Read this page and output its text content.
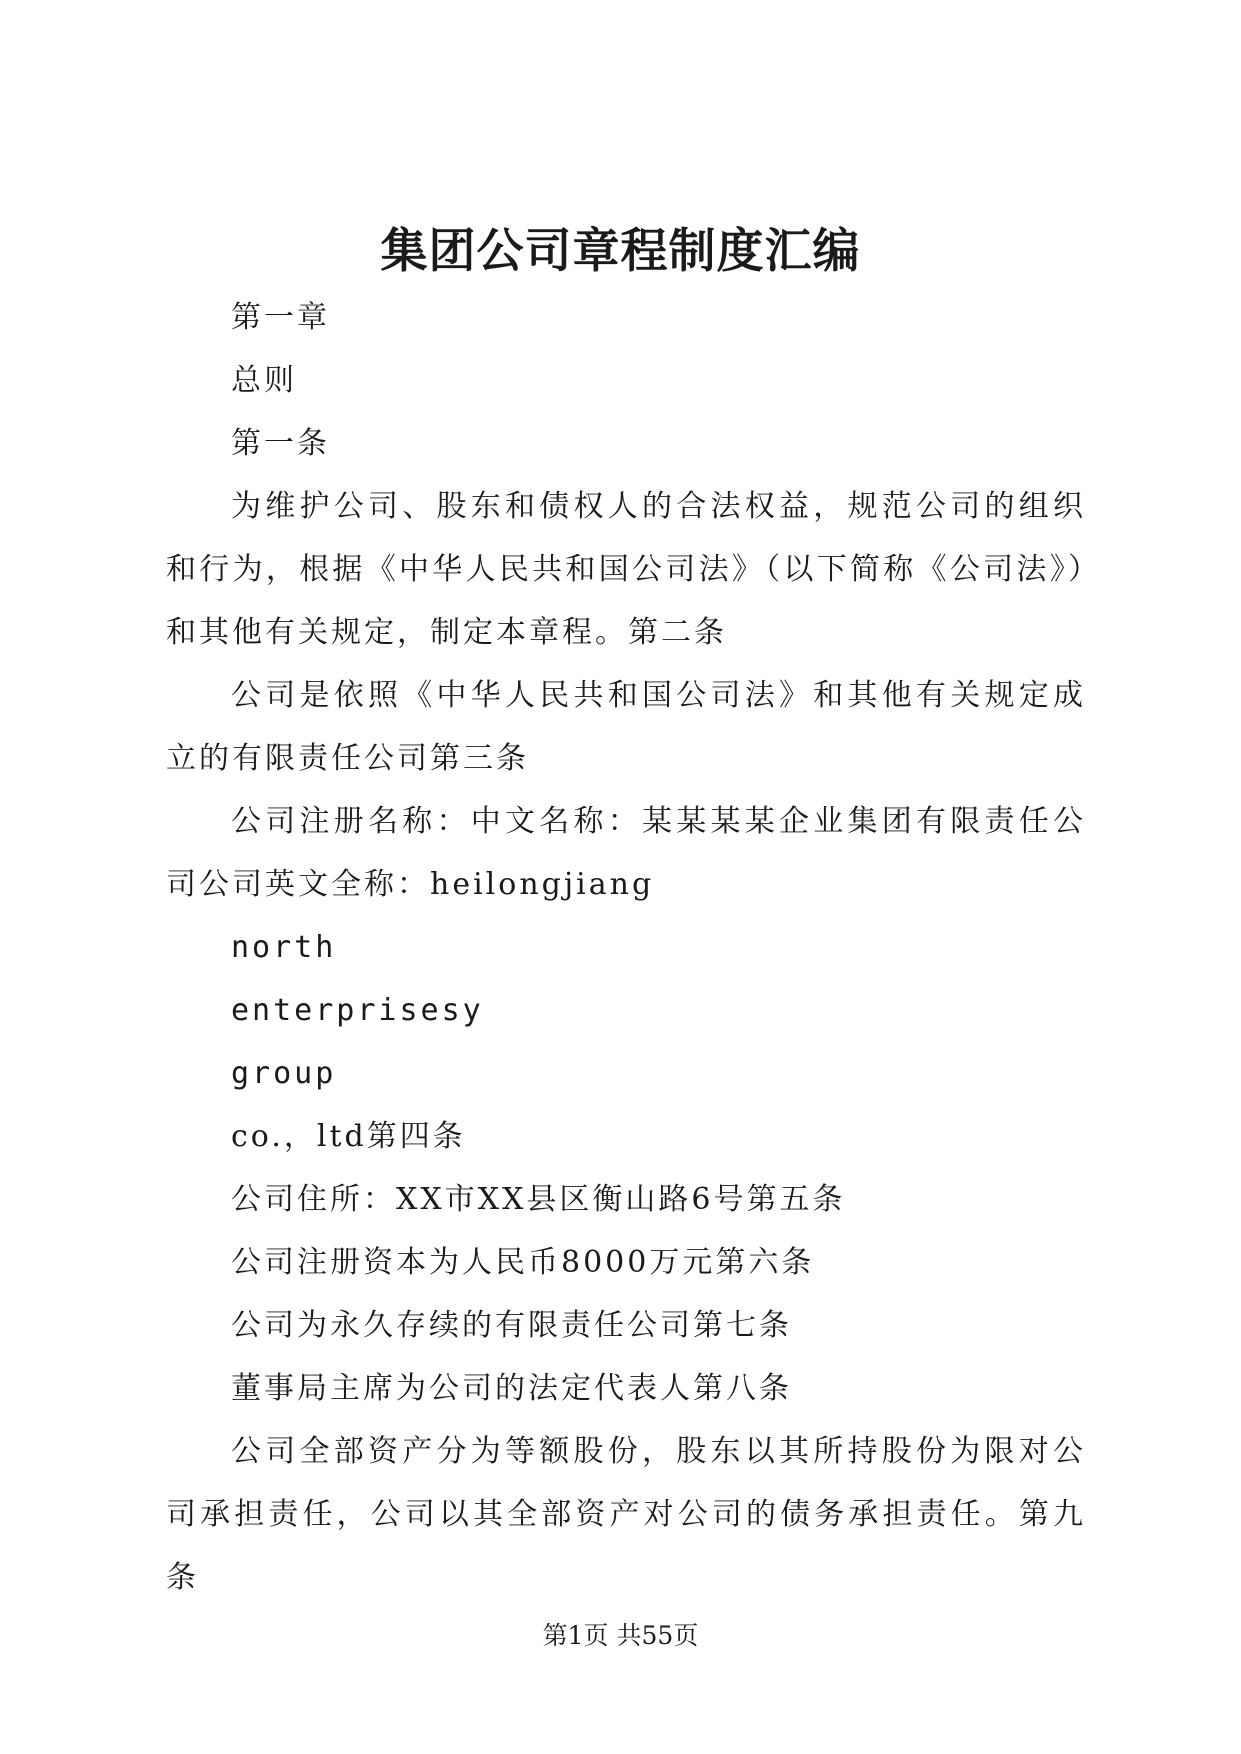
集团公司章程制度汇编

第一章

总则

第一条

为维护公司、股东和债权人的合法权益，规范公司的组织和行为，根据《中华人民共和国公司法》（以下简称《公司法》）和其他有关规定，制定本章程。第二条

公司是依照《中华人民共和国公司法》和其他有关规定成立的有限责任公司第三条

公司注册名称：中文名称：某某某某企业集团有限责任公司公司英文全称：heilongjiang

north

enterprisesy

group

co.，ltd第四条

公司住所：XX市XX县区衡山路6号第五条

公司注册资本为人民币8000万元第六条

公司为永久存续的有限责任公司第七条

董事局主席为公司的法定代表人第八条

公司全部资产分为等额股份，股东以其所持股份为限对公司承担责任，公司以其全部资产对公司的债务承担责任。第九条

第1页 共55页
